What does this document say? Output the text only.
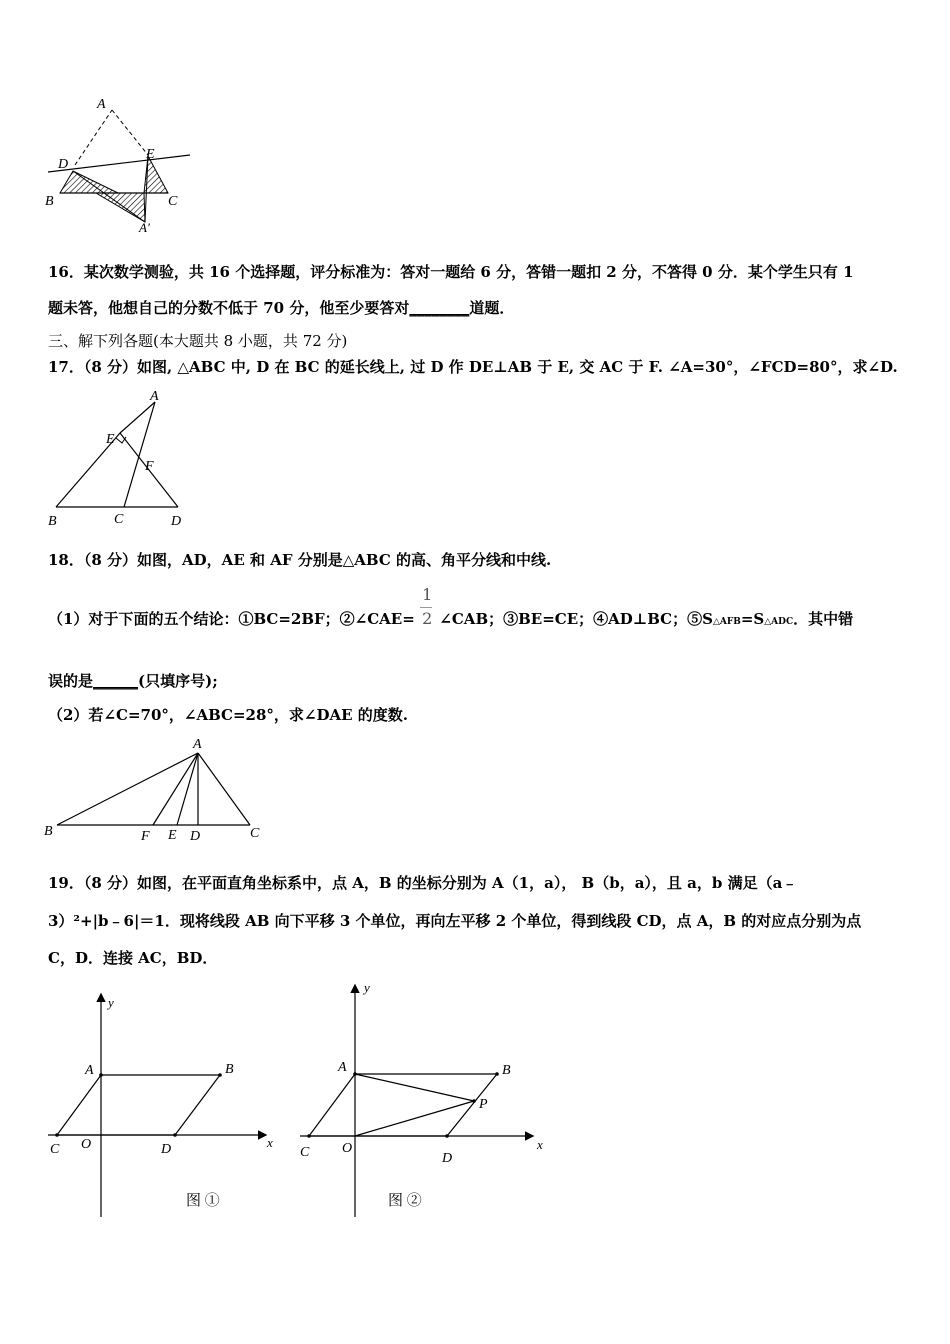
A
D
E
B	C
A'
16．某次数学测验，共 16 个选择题，评分标准为：答对一题给 6 分，答错一题扣 2 分，不答得 0 分．某个学生只有 1
题未答，他想自己的分数不低于 70 分，他至少要答对________道题．
三、解下列各题(本大题共 8 小题，共 72 分)
17．（8 分）如图, △ABC 中, D 在 BC 的延长线上, 过 D 作 DE⊥AB 于 E, 交 AC 于 F. ∠A=30°，∠FCD=80°，求∠D.
A
E
F
B	C	D
18．（8 分）如图，AD，AE 和 AF 分别是△ABC 的高、角平分线和中线.
（1）对于下面的五个结论：①BC=2BF；②∠CAE= $\frac{1}{2}$ ∠CAB；③BE=CE；④AD⊥BC；⑤S△AFB=S△ADC．其中错
误的是______(只填序号);
（2）若∠C=70°，∠ABC=28°，求∠DAE 的度数.
A
B	F E D	C
19．（8 分）如图，在平面直角坐标系中，点 A，B 的坐标分别为 A（1，a）， B（b，a），且 a，b 满足（a﹣
3）²+|b﹣6|＝1．现将线段 AB 向下平移 3 个单位，再向左平移 2 个单位，得到线段 CD，点 A，B 的对应点分别为点
C，D．连接 AC，BD．
y
A	B
C O	D	x
图 ①
y
A	B
P
C O
D
x
图 ②
